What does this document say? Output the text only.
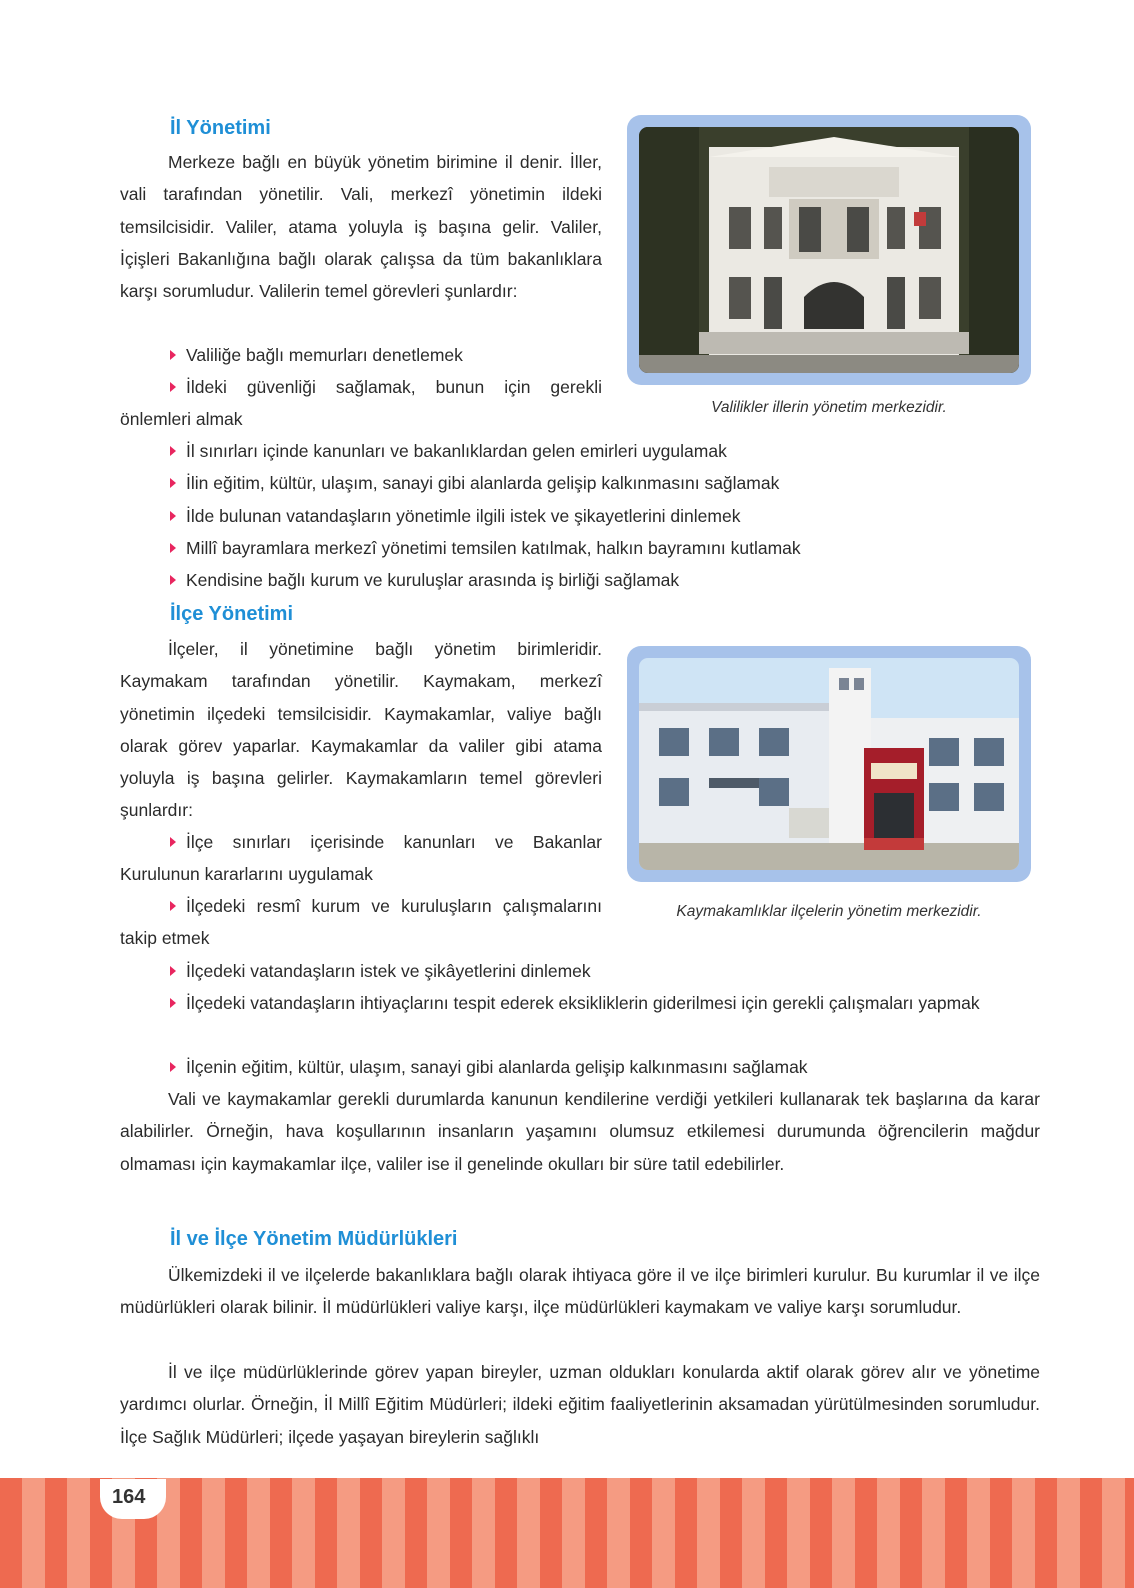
İl Yönetimi

Merkeze bağlı en büyük yönetim birimine il denir. İller, vali tarafından yönetilir. Vali, merkezî yönetimin ildeki temsilcisidir. Valiler, atama yoluyla iş başına gelir. Valiler, İçişleri Bakanlığına bağlı olarak çalışsa da tüm bakanlıklara karşı sorumludur. Valilerin temel görevleri şunlardır:

Valiliğe bağlı memurları denetlemek

İldeki güvenliği sağlamak, bunun için gerekli önlemleri almak

İl sınırları içinde kanunları ve bakanlıklardan gelen emirleri uygulamak

İlin eğitim, kültür, ulaşım, sanayi gibi alanlarda gelişip kalkınmasını sağlamak

İlde bulunan vatandaşların yönetimle ilgili istek ve şikayetlerini dinlemek

Millî bayramlara merkezî yönetimi temsilen katılmak, halkın bayramını kutlamak

Kendisine bağlı kurum ve kuruluşlar arasında iş birliği sağlamak

Valilikler illerin yönetim merkezidir.

İlçe Yönetimi

İlçeler, il yönetimine bağlı yönetim birimleridir. Kaymakam tarafından yönetilir. Kaymakam, merkezî yönetimin ilçedeki temsilcisidir. Kaymakamlar, valiye bağlı olarak görev yaparlar. Kaymakamlar da valiler gibi atama yoluyla iş başına gelirler. Kaymakamların temel görevleri şunlardır:

İlçe sınırları içerisinde kanunları ve Bakanlar Kurulunun kararlarını uygulamak

İlçedeki resmî kurum ve kuruluşların çalışmalarını takip etmek

İlçedeki vatandaşların istek ve şikâyetlerini dinlemek

İlçedeki vatandaşların ihtiyaçlarını tespit ederek eksikliklerin giderilmesi için gerekli çalışmaları yapmak

İlçenin eğitim, kültür, ulaşım, sanayi gibi alanlarda gelişip kalkınmasını sağlamak

Vali ve kaymakamlar gerekli durumlarda kanunun kendilerine verdiği yetkileri kullanarak tek başlarına da karar alabilirler. Örneğin, hava koşullarının insanların yaşamını olumsuz etkilemesi durumunda öğrencilerin mağdur olmaması için kaymakamlar ilçe, valiler ise il genelinde okulları bir süre tatil edebilirler.

Kaymakamlıklar ilçelerin yönetim merkezidir.

İl ve İlçe Yönetim Müdürlükleri

Ülkemizdeki il ve ilçelerde bakanlıklara bağlı olarak ihtiyaca göre il ve ilçe birimleri kurulur. Bu kurumlar il ve ilçe müdürlükleri olarak bilinir. İl müdürlükleri valiye karşı, ilçe müdürlükleri kaymakam ve valiye karşı sorumludur.

İl ve ilçe müdürlüklerinde görev yapan bireyler, uzman oldukları konularda aktif olarak görev alır ve yönetime yardımcı olurlar. Örneğin, İl Millî Eğitim Müdürleri; ildeki eğitim faaliyetlerinin aksamadan yürütülmesinden sorumludur. İlçe Sağlık Müdürleri; ilçede yaşayan bireylerin sağlıklı

164
